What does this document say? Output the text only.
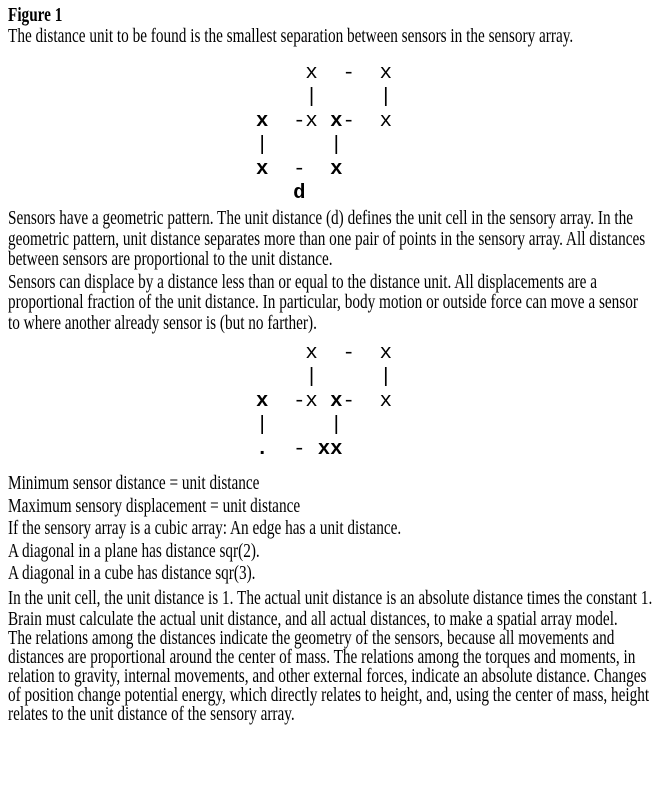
Figure 1

The distance unit to be found is the smallest separation between sensors in the sensory array.

x  -  x
|     |
x  -x x-  x
|     |
x  -  x
d

Sensors have a geometric pattern. The unit distance (d) defines the unit cell in the sensory array. In the geometric pattern, unit distance separates more than one pair of points in the sensory array. All distances between sensors are proportional to the unit distance.

Sensors can displace by a distance less than or equal to the distance unit. All displacements are a proportional fraction of the unit distance. In particular, body motion or outside force can move a sensor to where another already sensor is (but no farther).

x  -  x
|     |
x  -x x-  x
|     |
.  - xx

Minimum sensor distance = unit distance

Maximum sensory displacement = unit distance

If the sensory array is a cubic array: An edge has a unit distance.

A diagonal in a plane has distance sqr(2).

A diagonal in a cube has distance sqr(3).

In the unit cell, the unit distance is 1. The actual unit distance is an absolute distance times the constant 1.

Brain must calculate the actual unit distance, and all actual distances, to make a spatial array model.

The relations among the distances indicate the geometry of the sensors, because all movements and distances are proportional around the center of mass. The relations among the torques and moments, in relation to gravity, internal movements, and other external forces, indicate an absolute distance. Changes of position change potential energy, which directly relates to height, and, using the center of mass, height relates to the unit distance of the sensory array.
